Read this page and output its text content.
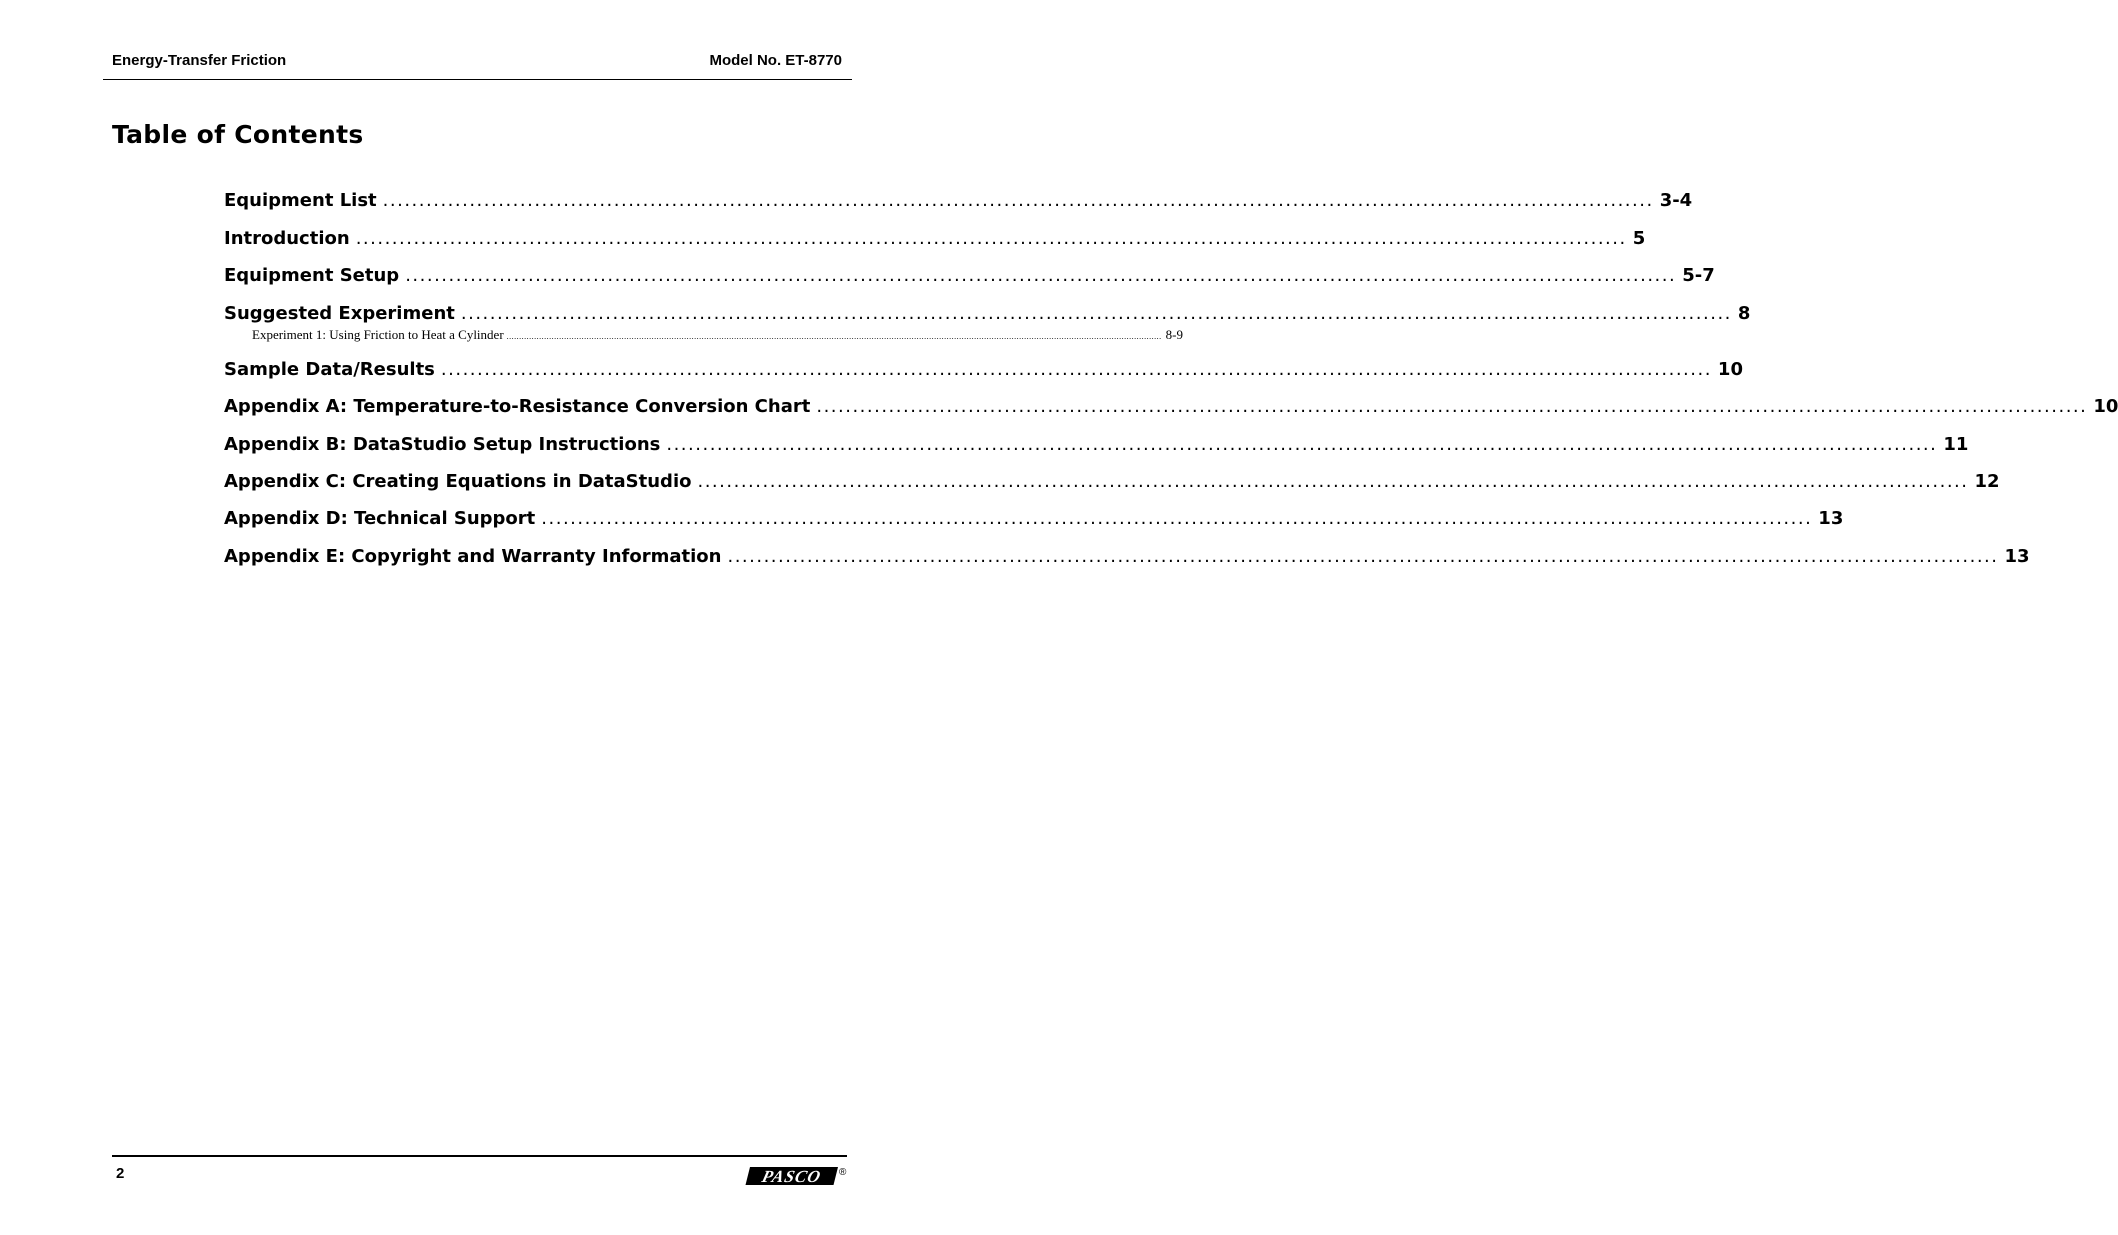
Energy-Transfer Friction	Model No. ET-8770
Table of Contents
Equipment List ................................................................................................................................................................................ 3-4
Introduction ................................................................................................................................................................................ 5
Equipment Setup ................................................................................................................................................................................ 5-7
Suggested Experiment ................................................................................................................................................................................ 8
Experiment 1: Using Friction to Heat a Cylinder ...................................................................................................................................................................................................................................................................... 8-9
Sample Data/Results ................................................................................................................................................................................ 10
Appendix A: Temperature-to-Resistance Conversion Chart ................................................................................................................................................................................ 10
Appendix B: DataStudio Setup Instructions ................................................................................................................................................................................ 11
Appendix C: Creating Equations in DataStudio ................................................................................................................................................................................ 12
Appendix D: Technical Support ................................................................................................................................................................................ 13
Appendix E: Copyright and Warranty Information ................................................................................................................................................................................ 13
2	PASCO ®
